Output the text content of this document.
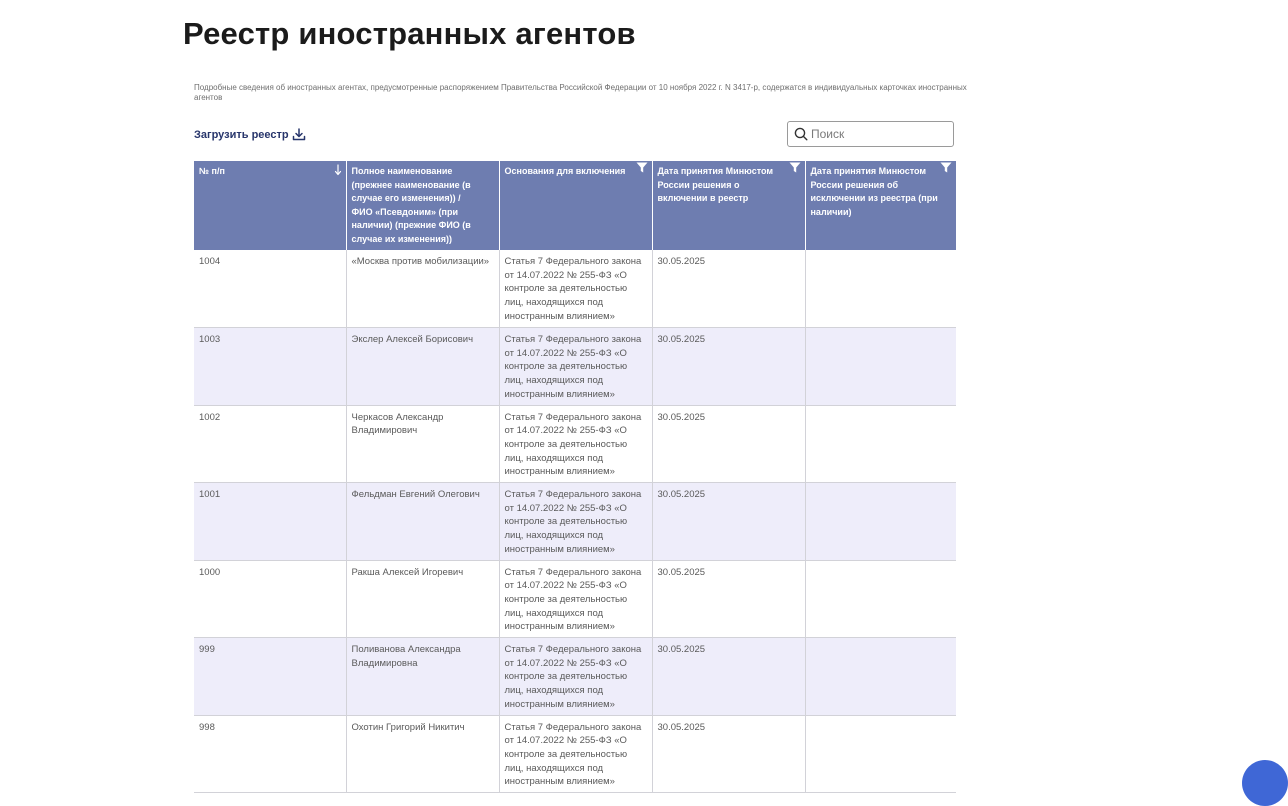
Реестр иностранных агентов
Подробные сведения об иностранных агентах, предусмотренные распоряжением Правительства Российской Федерации от 10 ноября 2022 г. N 3417-р, содержатся в индивидуальных карточках иностранных агентов
Загрузить реестр
Поиск
№ п/п	Полное наименование (прежнее наименование (в случае его изменения)) / ФИО «Псевдоним» (при наличии) (прежние ФИО (в случае их изменения))	Основания для включения	Дата принятия Минюстом России решения о включении в реестр	Дата принятия Минюстом России решения об исключении из реестра (при наличии)

1004	«Москва против мобилизации»	Статья 7 Федерального закона от 14.07.2022 № 255-ФЗ «О контроле за деятельностью лиц, находящихся под иностранным влиянием»	30.05.2025	
1003	Экслер Алексей Борисович	Статья 7 Федерального закона от 14.07.2022 № 255-ФЗ «О контроле за деятельностью лиц, находящихся под иностранным влиянием»	30.05.2025	
1002	Черкасов Александр Владимирович	Статья 7 Федерального закона от 14.07.2022 № 255-ФЗ «О контроле за деятельностью лиц, находящихся под иностранным влиянием»	30.05.2025	
1001	Фельдман Евгений Олегович	Статья 7 Федерального закона от 14.07.2022 № 255-ФЗ «О контроле за деятельностью лиц, находящихся под иностранным влиянием»	30.05.2025	
1000	Ракша Алексей Игоревич	Статья 7 Федерального закона от 14.07.2022 № 255-ФЗ «О контроле за деятельностью лиц, находящихся под иностранным влиянием»	30.05.2025	
999	Поливанова Александра Владимировна	Статья 7 Федерального закона от 14.07.2022 № 255-ФЗ «О контроле за деятельностью лиц, находящихся под иностранным влиянием»	30.05.2025	
998	Охотин Григорий Никитич	Статья 7 Федерального закона от 14.07.2022 № 255-ФЗ «О контроле за деятельностью лиц, находящихся под иностранным влиянием»	30.05.2025	
